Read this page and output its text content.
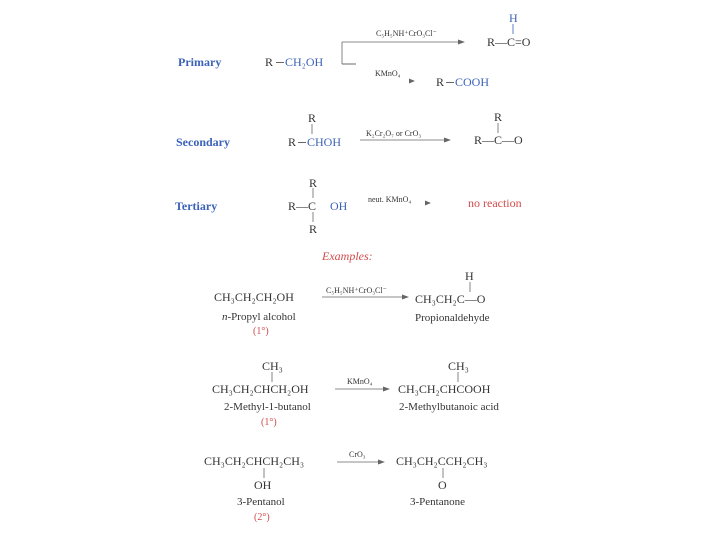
Primary	R CH₂OH
C₅H₅NH⁺CrO₃Cl⁻
H
R—C=O
KMnO₄
R COOH
Secondary
R
R CHOH
K₂Cr₂O₇ or CrO₃
R
R—C—O
Tertiary
R
R—C OH
R
neut. KMnO₄	no reaction
Examples:
CH₃CH₂CH₂OH
n-Propyl alcohol
(1°)
C₅H₅NH⁺CrO₃Cl⁻
H
CH₃CH₂C—O
Propionaldehyde
CH₃
CH₃CH₂CHCH₂OH
2-Methyl-1-butanol
(1°)
KMnO₄
CH₃
CH₃CH₂CHCOOH
2-Methylbutanoic acid
CH₃CH₂CHCH₂CH₃
OH
3-Pentanol
(2°)
CrO₃	CH₃CH₂CCH₂CH₃
O
3-Pentanone
